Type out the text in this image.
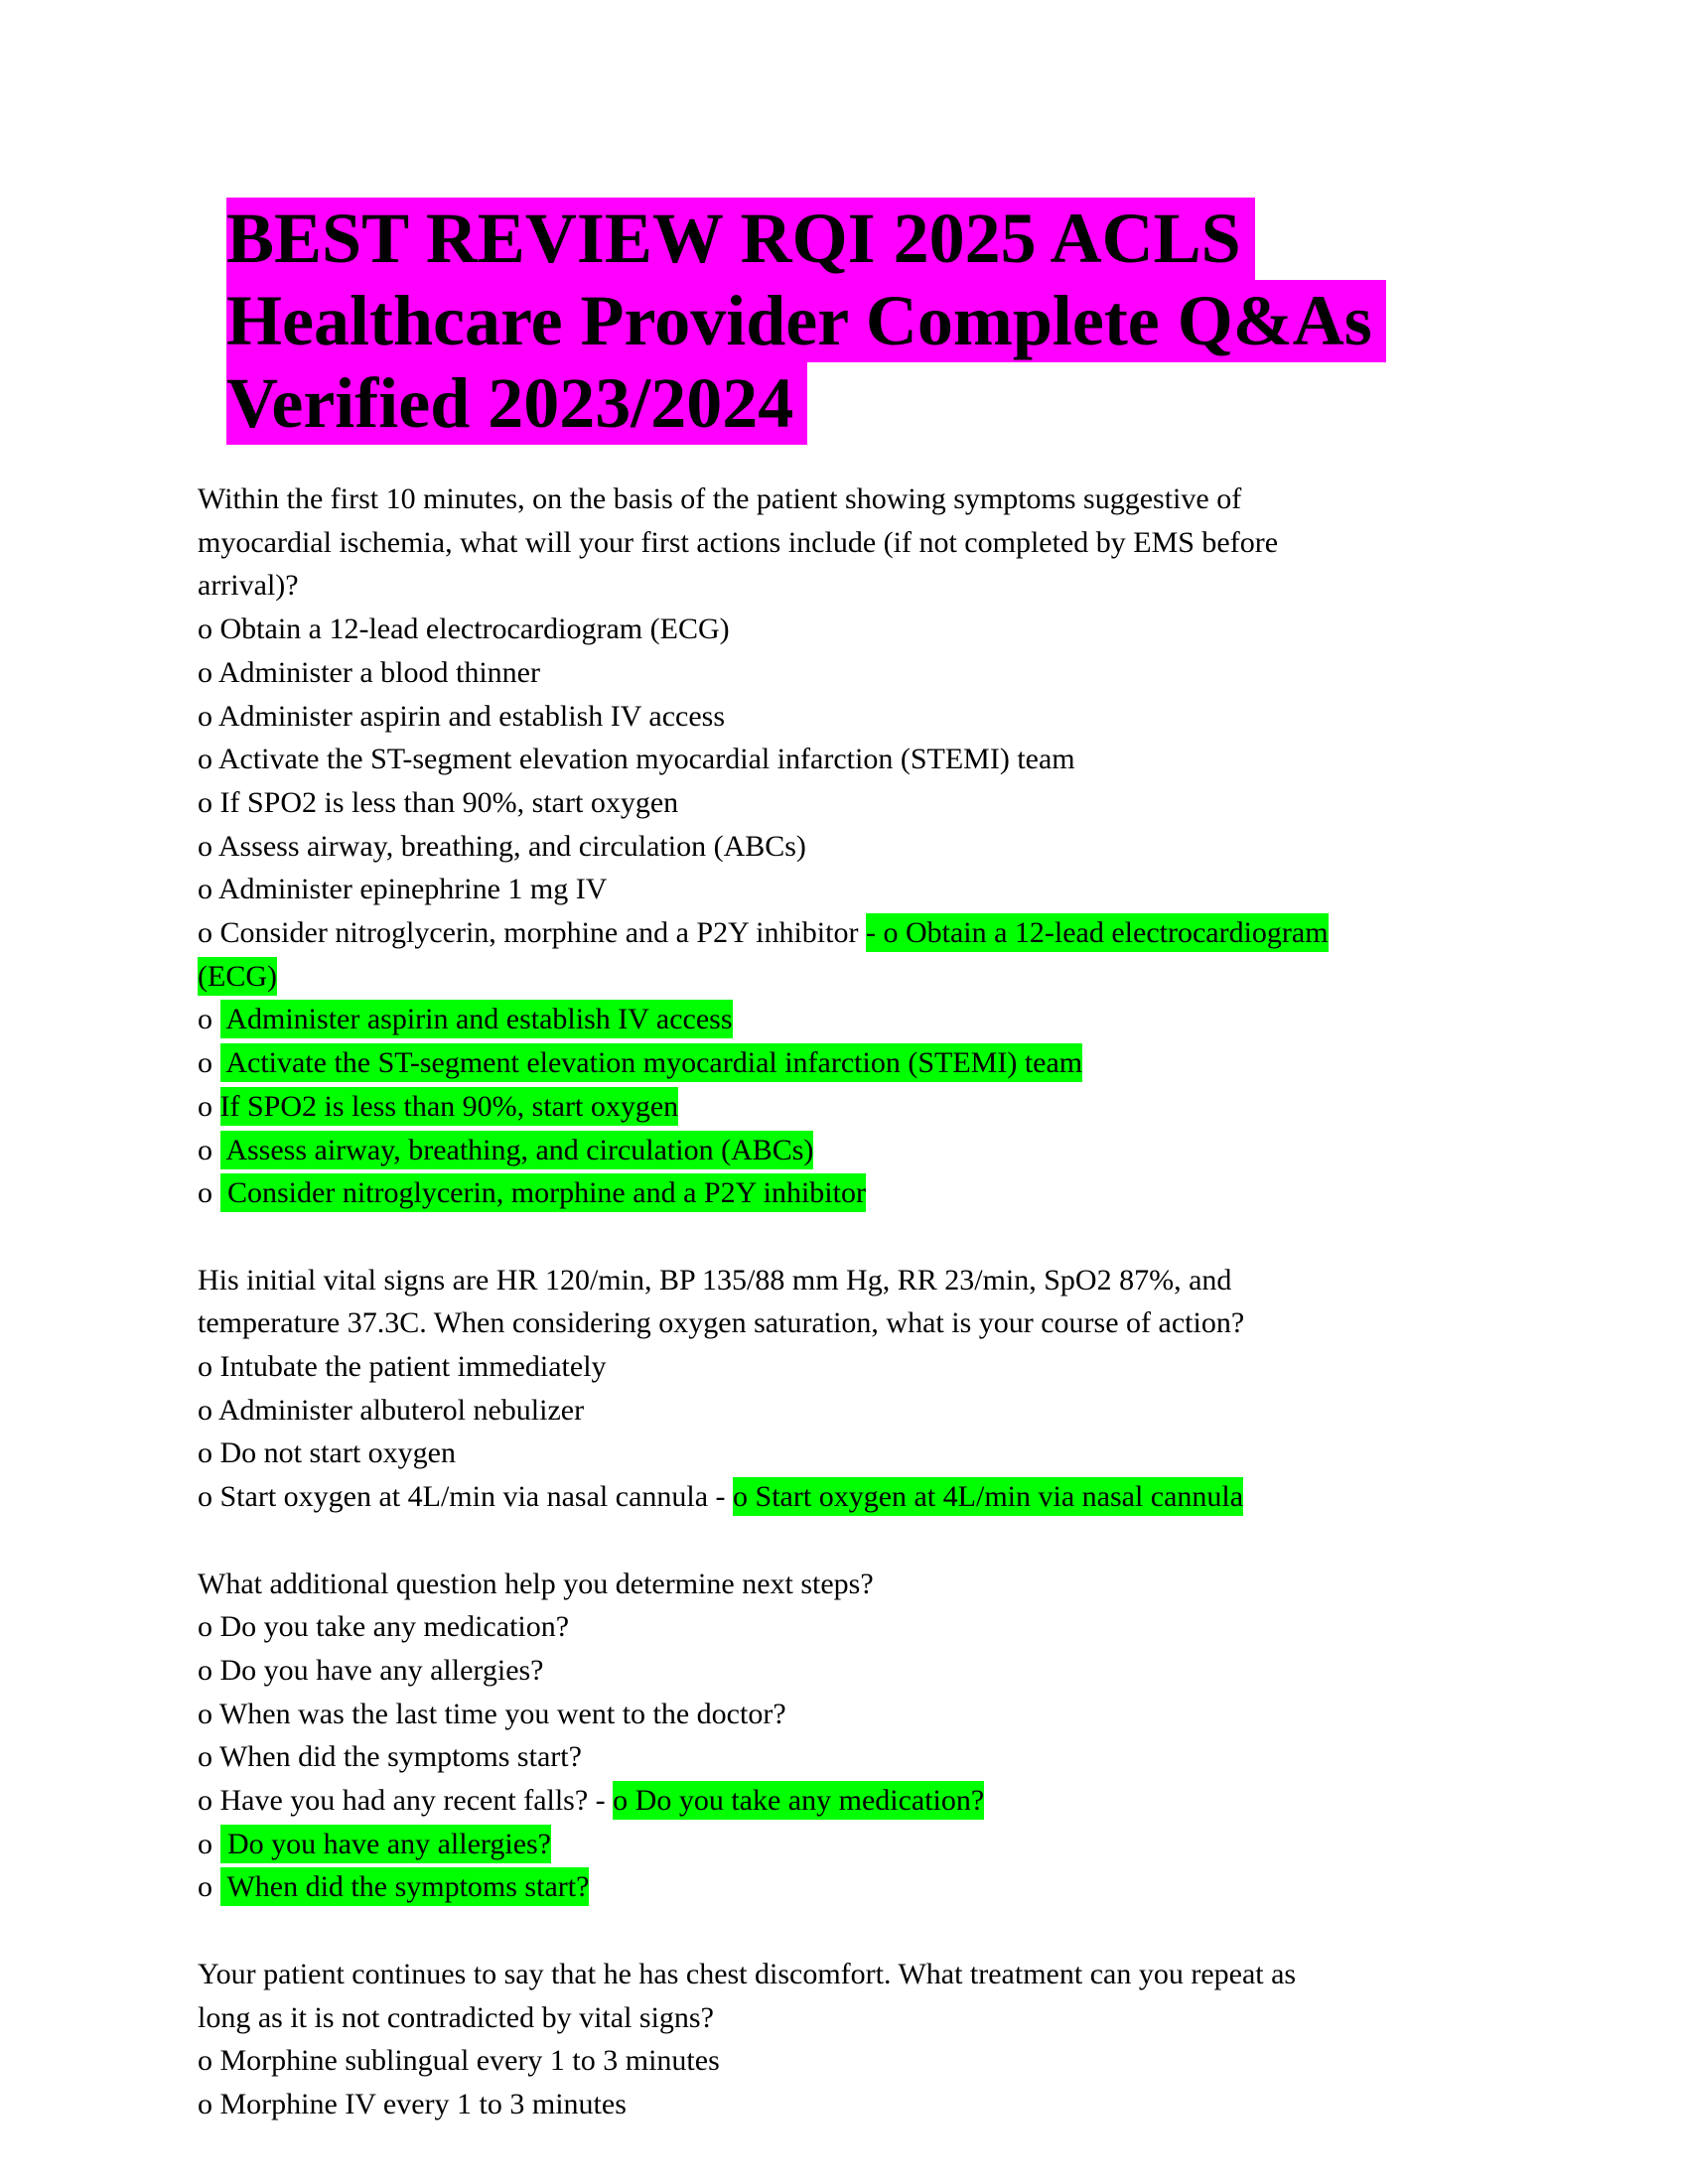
BEST REVIEW RQI 2025 ACLS
Healthcare Provider Complete Q&As
Verified 2023/2024
Within the first 10 minutes, on the basis of the patient showing symptoms suggestive of
myocardial ischemia, what will your first actions include (if not completed by EMS before
arrival)?
o Obtain a 12-lead electrocardiogram (ECG)
o Administer a blood thinner
o Administer aspirin and establish IV access
o Activate the ST-segment elevation myocardial infarction (STEMI) team
o If SPO2 is less than 90%, start oxygen
o Assess airway, breathing, and circulation (ABCs)
o Administer epinephrine 1 mg IV
o Consider nitroglycerin, morphine and a P2Y inhibitor - o Obtain a 12-lead electrocardiogram
(ECG)
o  Administer aspirin and establish IV access
o  Activate the ST-segment elevation myocardial infarction (STEMI) team
o If SPO2 is less than 90%, start oxygen
o  Assess airway, breathing, and circulation (ABCs)
o  Consider nitroglycerin, morphine and a P2Y inhibitor
His initial vital signs are HR 120/min, BP 135/88 mm Hg, RR 23/min, SpO2 87%, and
temperature 37.3C. When considering oxygen saturation, what is your course of action?
o Intubate the patient immediately
o Administer albuterol nebulizer
o Do not start oxygen
o Start oxygen at 4L/min via nasal cannula - o Start oxygen at 4L/min via nasal cannula
What additional question help you determine next steps?
o Do you take any medication?
o Do you have any allergies?
o When was the last time you went to the doctor?
o When did the symptoms start?
o Have you had any recent falls? - o Do you take any medication?
o  Do you have any allergies?
o  When did the symptoms start?
Your patient continues to say that he has chest discomfort. What treatment can you repeat as
long as it is not contradicted by vital signs?
o Morphine sublingual every 1 to 3 minutes
o Morphine IV every 1 to 3 minutes
